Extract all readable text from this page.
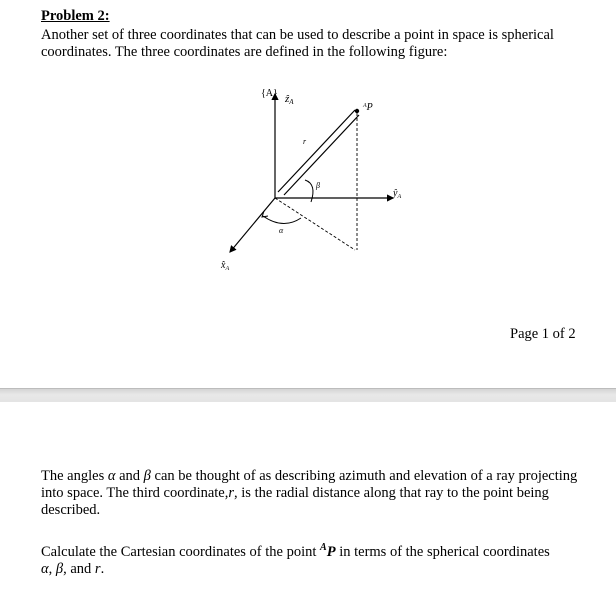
Problem 2:
Another set of three coordinates that can be used to describe a point in space is spherical coordinates. The three coordinates are defined in the following figure:
{A} ẑA	$^A$P
r
β
$ŷ_A$
α
$x̂_A$
Page 1 of 2
The angles α and β can be thought of as describing azimuth and elevation of a ray projecting into space. The third coordinate,r, is the radial distance along that ray to the point being described.
Calculate the Cartesian coordinates of the point $^A$P in terms of the spherical coordinates
α, β, and r.
